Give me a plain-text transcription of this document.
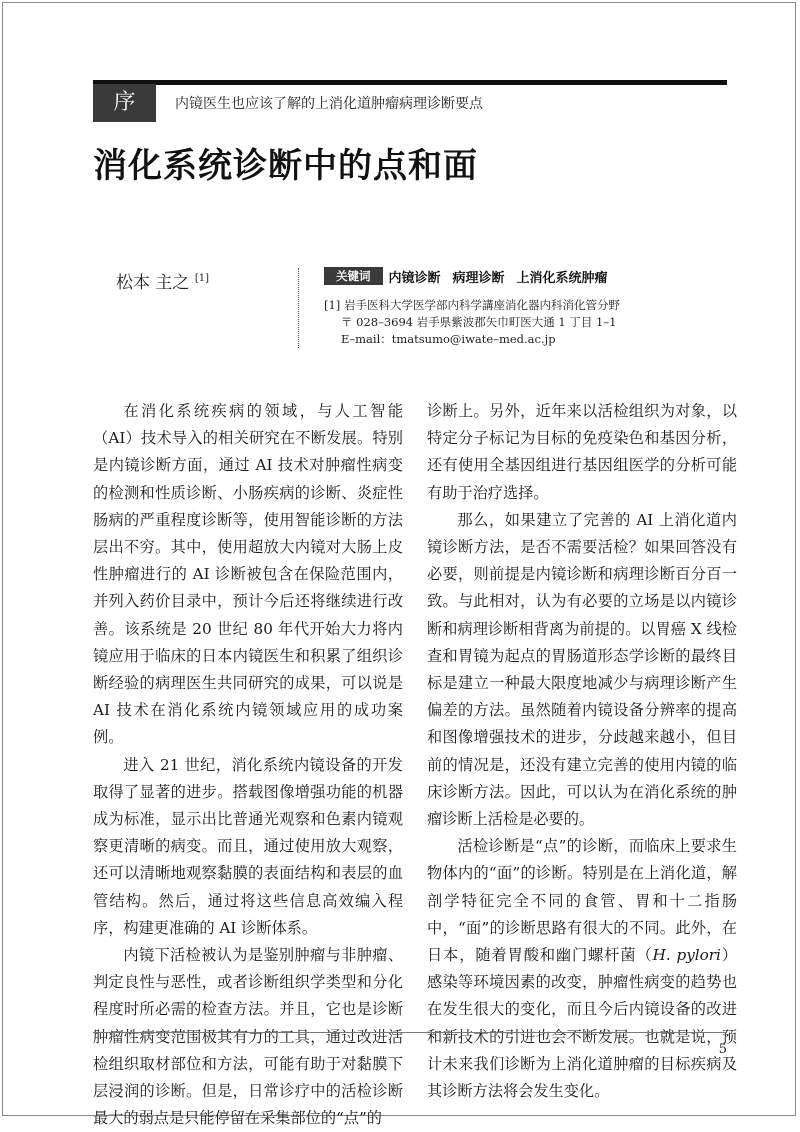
序	内镜医生也应该了解的上消化道肿瘤病理诊断要点
消化系统诊断中的点和面
松本 主之 [1]	关键词	内镜诊断 病理诊断 上消化系统肿瘤
[1] 岩手医科大学医学部内科学講座消化器内科消化管分野
〒 028–3694 岩手県紫波郡矢巾町医大通 1 丁目 1–1
E–mail：tmatsumo@iwate–med.ac.jp

在消化系统疾病的领域，与人工智能（AI）技术导入的相关研究在不断发展。特别是内镜诊断方面，通过 AI 技术对肿瘤性病变的检测和性质诊断、小肠疾病的诊断、炎症性肠病的严重程度诊断等，使用智能诊断的方法层出不穷。其中，使用超放大内镜对大肠上皮性肿瘤进行的 AI 诊断被包含在保险范围内，并列入药价目录中，预计今后还将继续进行改善。该系统是 20 世纪 80 年代开始大力将内镜应用于临床的日本内镜医生和积累了组织诊断经验的病理医生共同研究的成果，可以说是 AI 技术在消化系统内镜领域应用的成功案例。

进入 21 世纪，消化系统内镜设备的开发取得了显著的进步。搭载图像增强功能的机器成为标准，显示出比普通光观察和色素内镜观察更清晰的病变。而且，通过使用放大观察，还可以清晰地观察黏膜的表面结构和表层的血管结构。然后，通过将这些信息高效编入程序，构建更准确的 AI 诊断体系。

内镜下活检被认为是鉴别肿瘤与非肿瘤、判定良性与恶性，或者诊断组织学类型和分化程度时所必需的检查方法。并且，它也是诊断肿瘤性病变范围极其有力的工具，通过改进活检组织取材部位和方法，可能有助于对黏膜下层浸润的诊断。但是，日常诊疗中的活检诊断最大的弱点是只能停留在采集部位的“点”的

诊断上。另外，近年来以活检组织为对象，以特定分子标记为目标的免疫染色和基因分析，还有使用全基因组进行基因组医学的分析可能有助于治疗选择。

那么，如果建立了完善的 AI 上消化道内镜诊断方法，是否不需要活检？如果回答没有必要，则前提是内镜诊断和病理诊断百分百一致。与此相对，认为有必要的立场是以内镜诊断和病理诊断相背离为前提的。以胃癌 X 线检查和胃镜为起点的胃肠道形态学诊断的最终目标是建立一种最大限度地减少与病理诊断产生偏差的方法。虽然随着内镜设备分辨率的提高和图像增强技术的进步，分歧越来越小，但目前的情况是，还没有建立完善的使用内镜的临床诊断方法。因此，可以认为在消化系统的肿瘤诊断上活检是必要的。

活检诊断是“点”的诊断，而临床上要求生物体内的“面”的诊断。特别是在上消化道，解剖学特征完全不同的食管、胃和十二指肠中，“面”的诊断思路有很大的不同。此外，在日本，随着胃酸和幽门螺杆菌（H. pylori）感染等环境因素的改变，肿瘤性病变的趋势也在发生很大的变化，而且今后内镜设备的改进和新技术的引进也会不断发展。也就是说，预计未来我们诊断为上消化道肿瘤的目标疾病及其诊断方法将会发生变化。

5
